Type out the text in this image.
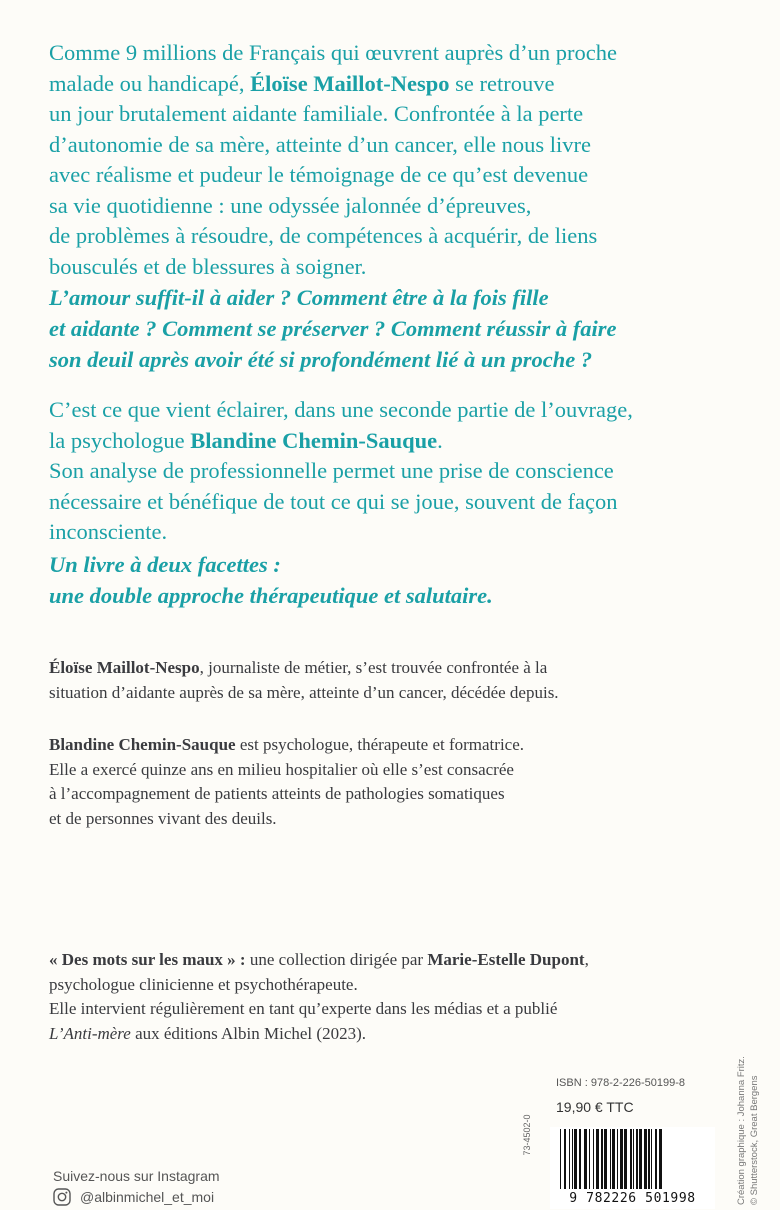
Comme 9 millions de Français qui œuvrent auprès d’un proche
malade ou handicapé, Éloïse Maillot-Nespo se retrouve
un jour brutalement aidante familiale. Confrontée à la perte
d’autonomie de sa mère, atteinte d’un cancer, elle nous livre
avec réalisme et pudeur le témoignage de ce qu’est devenue
sa vie quotidienne : une odyssée jalonnée d’épreuves,
de problèmes à résoudre, de compétences à acquérir, de liens
bousculés et de blessures à soigner.
L’amour suffit-il à aider ? Comment être à la fois fille
et aidante ? Comment se préserver ? Comment réussir à faire
son deuil après avoir été si profondément lié à un proche ?
C’est ce que vient éclairer, dans une seconde partie de l’ouvrage,
la psychologue Blandine Chemin-Sauque.
Son analyse de professionnelle permet une prise de conscience
nécessaire et bénéfique de tout ce qui se joue, souvent de façon
inconsciente.
Un livre à deux facettes :
une double approche thérapeutique et salutaire.
Éloïse Maillot-Nespo, journaliste de métier, s’est trouvée confrontée à la
situation d’aidante auprès de sa mère, atteinte d’un cancer, décédée depuis.
Blandine Chemin-Sauque est psychologue, thérapeute et formatrice.
Elle a exercé quinze ans en milieu hospitalier où elle s’est consacrée
à l’accompagnement de patients atteints de pathologies somatiques
et de personnes vivant des deuils.
« Des mots sur les maux » : une collection dirigée par Marie-Estelle Dupont,
psychologue clinicienne et psychothérapeute.
Elle intervient régulièrement en tant qu’experte dans les médias et a publié
L’Anti-mère aux éditions Albin Michel (2023).
ISBN : 978-2-226-50199-8
19,90 € TTC
73-4502-0
9 782226 501998	Création graphique : Johanna Fritz. © Shutterstock, Great Bergens
Suivez-nous sur Instagram
@albinmichel_et_moi
